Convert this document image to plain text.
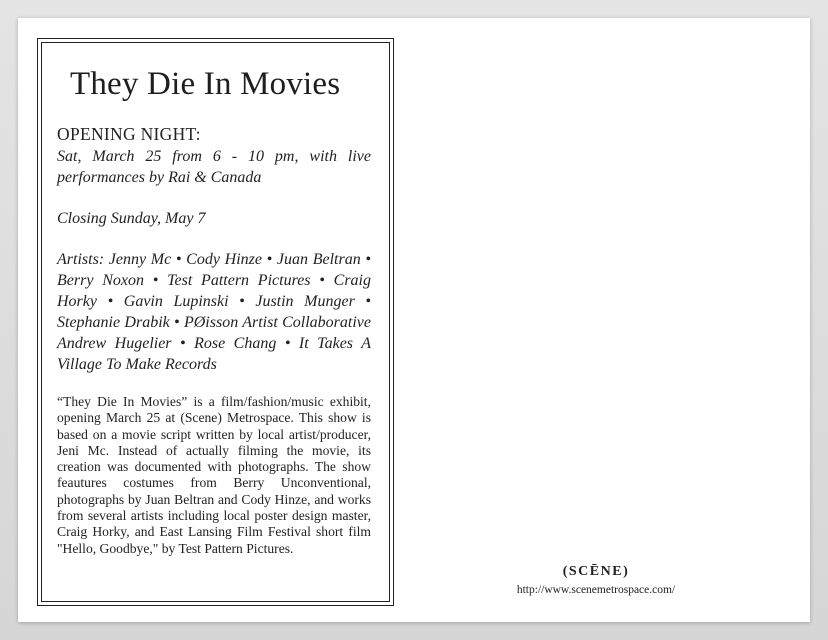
They Die In Movies
OPENING NIGHT:
Sat, March 25 from 6 - 10 pm, with live performances by Rai & Canada
Closing Sunday, May 7
Artists: Jenny Mc • Cody Hinze • Juan Beltran • Berry Noxon • Test Pattern Pictures • Craig Horky • Gavin Lupinski • Justin Munger • Stephanie Drabik • PØisson Artist Collaborative Andrew Hugelier • Rose Chang • It Takes A Village To Make Records
“They Die In Movies” is a film/fashion/music exhibit, opening March 25 at (Scene) Metrospace. This show is based on a movie script written by local artist/producer, Jeni Mc. Instead of actually filming the movie, its creation was documented with photographs. The show feautures costumes from Berry Unconventional, photographs by Juan Beltran and Cody Hinze, and works from several artists including local poster design master, Craig Horky, and East Lansing Film Festival short film "Hello, Goodbye," by Test Pattern Pictures.
(SCĒNE)
http://www.scenemetrospace.com/
